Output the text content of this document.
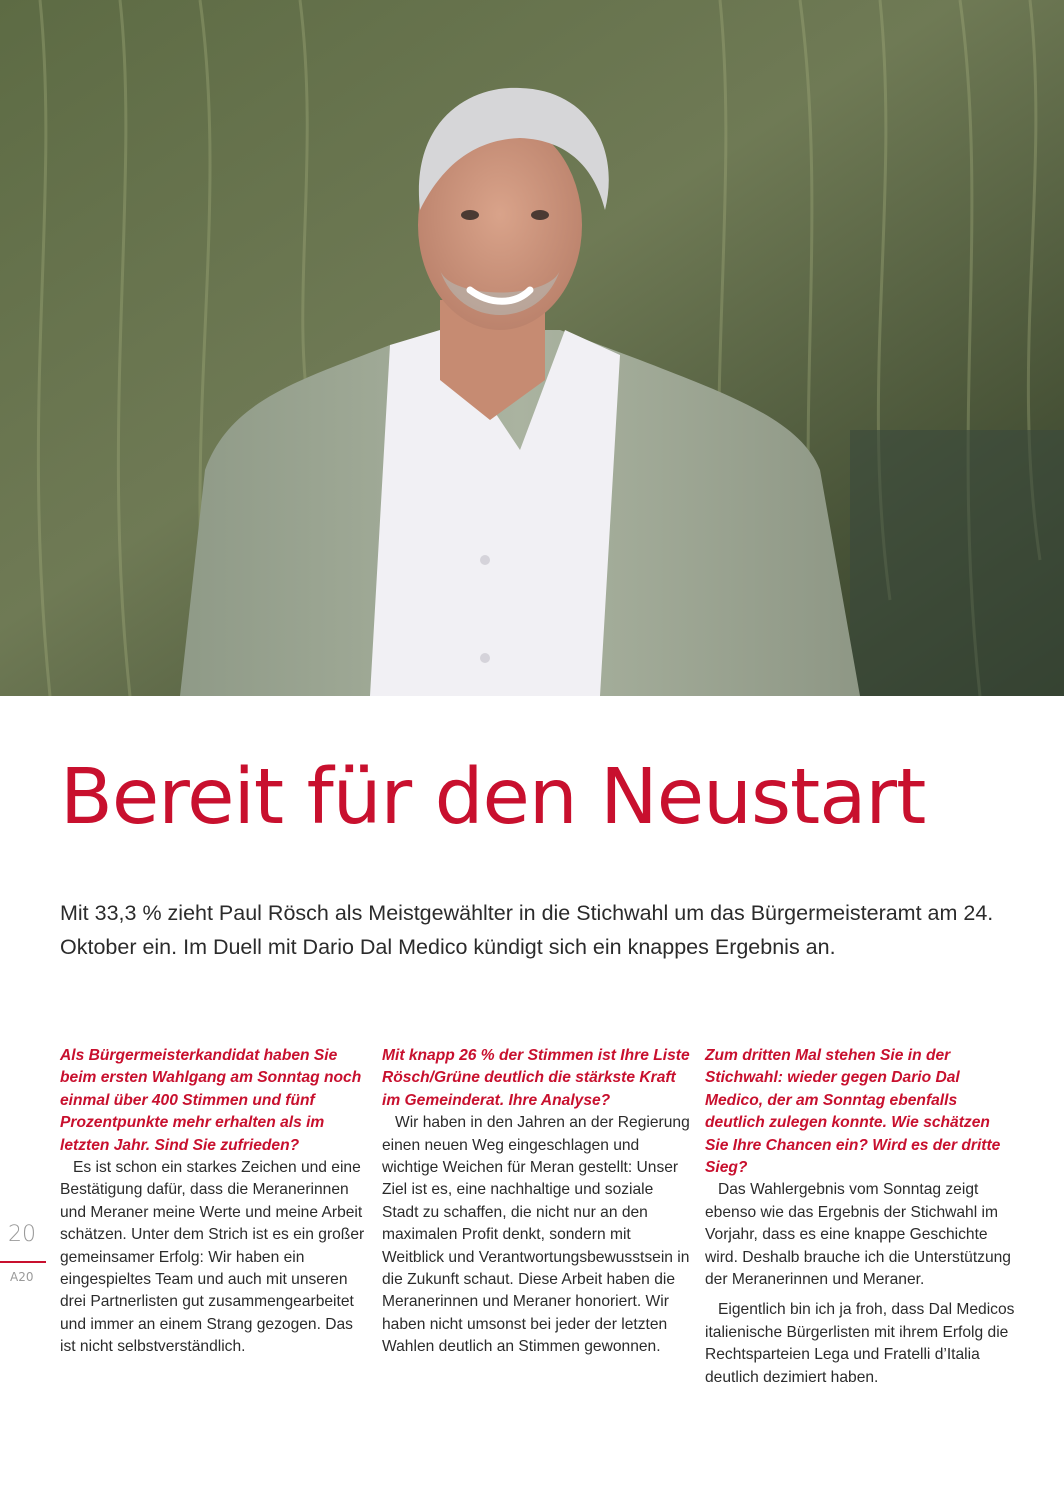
Bereit für den Neustart

Mit 33,3 % zieht Paul Rösch als Meistgewählter in die Stichwahl um das Bürgermeisteramt am 24. Oktober ein. Im Duell mit Dario Dal Medico kündigt sich ein knappes Ergebnis an.

Als Bürgermeisterkandidat haben Sie beim ersten Wahlgang am Sonntag noch einmal über 400 Stimmen und fünf Prozentpunkte mehr erhalten als im letzten Jahr. Sind Sie zufrieden?

Es ist schon ein starkes Zeichen und eine Bestätigung dafür, dass die Meranerinnen und Meraner meine Werte und meine Arbeit schätzen. Unter dem Strich ist es ein großer gemeinsamer Erfolg: Wir haben ein eingespieltes Team und auch mit unseren drei Partnerlisten gut zusammengearbeitet und immer an einem Strang gezogen. Das ist nicht selbstverständlich.

Mit knapp 26 % der Stimmen ist Ihre Liste Rösch/Grüne deutlich die stärkste Kraft im Gemeinderat. Ihre Analyse?

Wir haben in den Jahren an der Regierung einen neuen Weg eingeschlagen und wichtige Weichen für Meran gestellt: Unser Ziel ist es, eine nachhaltige und soziale Stadt zu schaffen, die nicht nur an den maximalen Profit denkt, sondern mit Weitblick und Verantwortungsbewusstsein in die Zukunft schaut. Diese Arbeit haben die Meranerinnen und Meraner honoriert. Wir haben nicht umsonst bei jeder der letzten Wahlen deutlich an Stimmen gewonnen.

Zum dritten Mal stehen Sie in der Stichwahl: wieder gegen Dario Dal Medico, der am Sonntag ebenfalls deutlich zulegen konnte. Wie schätzen Sie Ihre Chancen ein? Wird es der dritte Sieg?

Das Wahlergebnis vom Sonntag zeigt ebenso wie das Ergebnis der Stichwahl im Vorjahr, dass es eine knappe Geschichte wird. Deshalb brauche ich die Unterstützung der Meranerinnen und Meraner.

Eigentlich bin ich ja froh, dass Dal Medicos italienische Bürgerlisten mit ihrem Erfolg die Rechtsparteien Lega und Fratelli d’Italia deutlich dezimiert haben.

20
A20
